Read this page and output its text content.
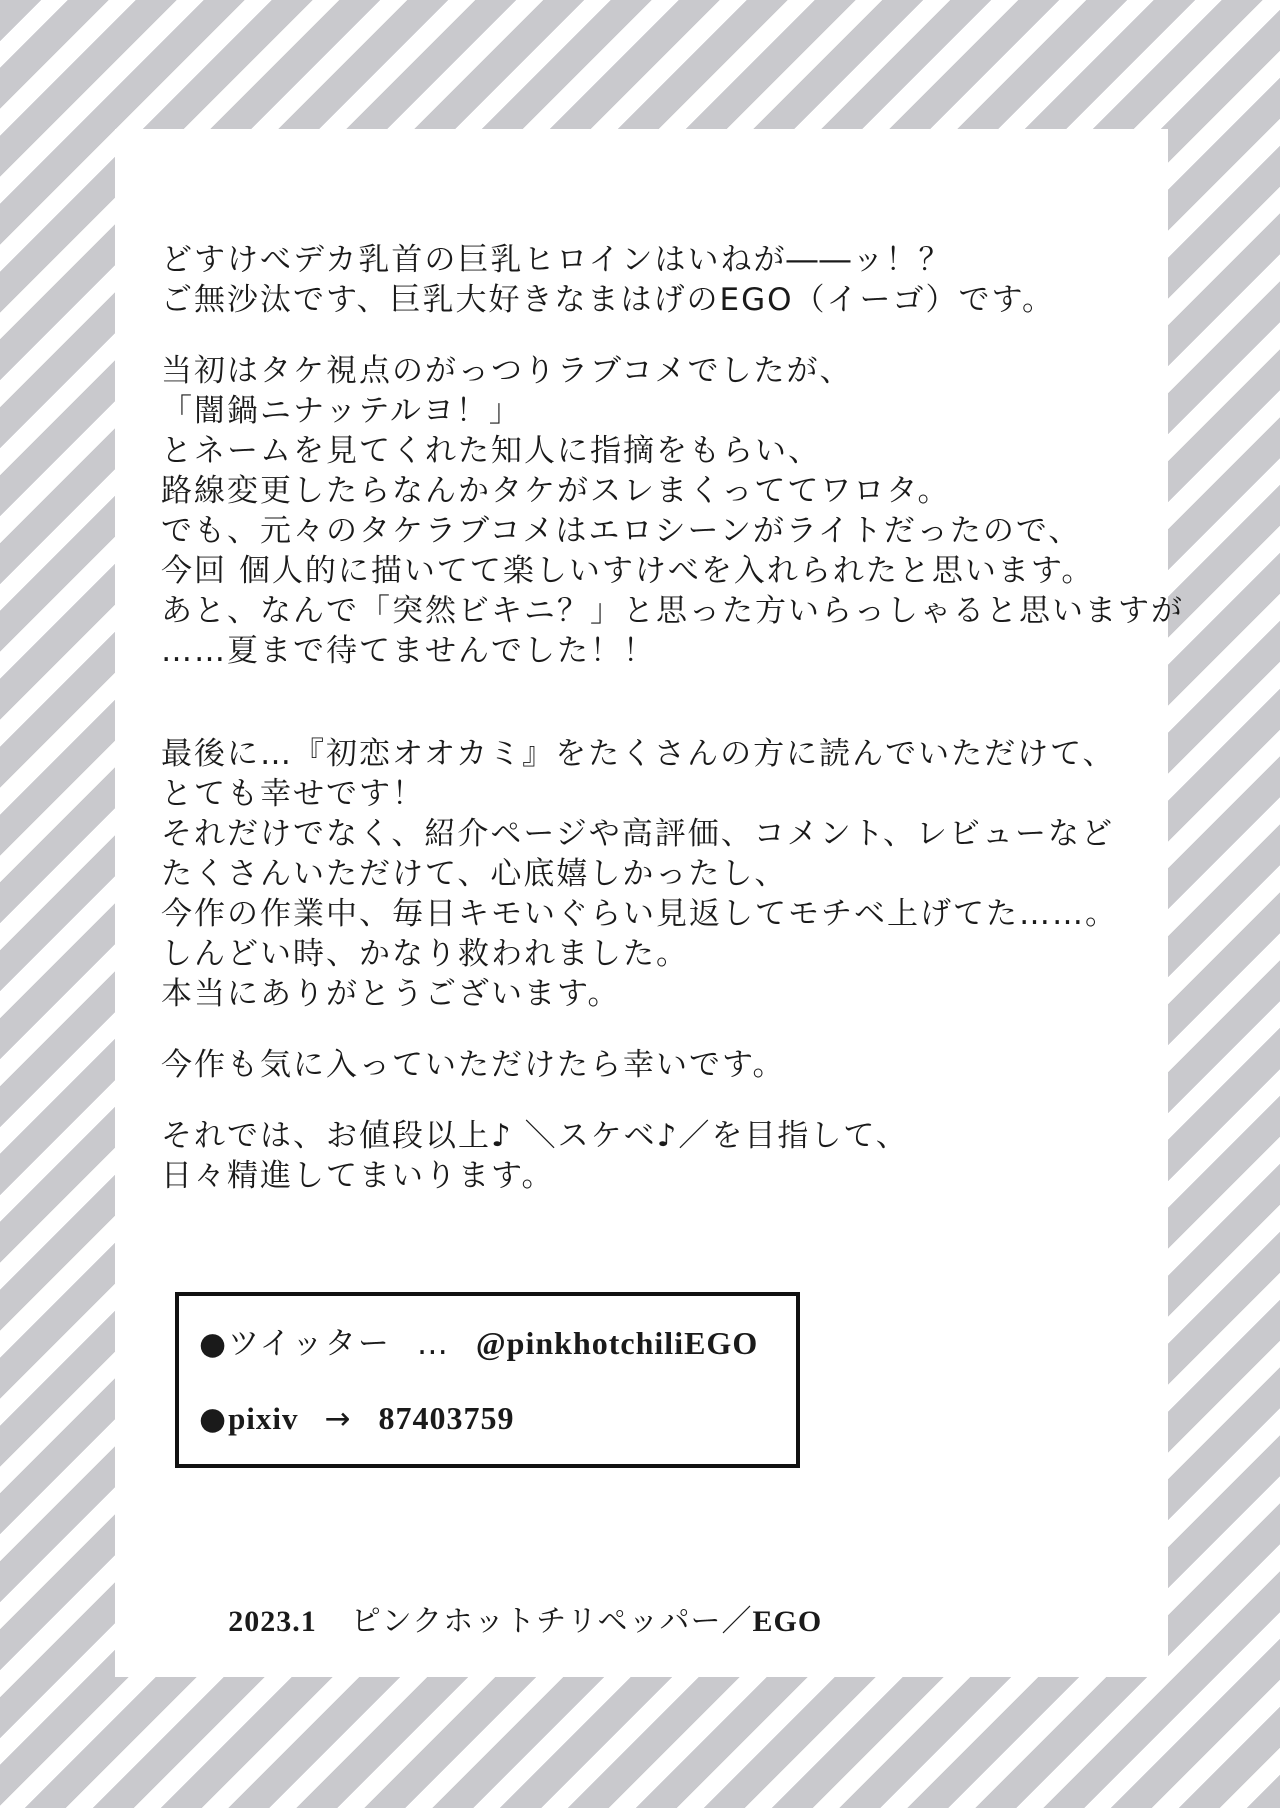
どすけべデカ乳首の巨乳ヒロインはいねが――ッ！？
ご無沙汰です、巨乳大好きなまはげのEGO（イーゴ）です。
当初はタケ視点のがっつりラブコメでしたが、
「闇鍋ニナッテルヨ！」
とネームを見てくれた知人に指摘をもらい、
路線変更したらなんかタケがスレまくっててワロタ。
でも、元々のタケラブコメはエロシーンがライトだったので、
今回 個人的に描いてて楽しいすけべを入れられたと思います。
あと、なんで「突然ビキニ？」と思った方いらっしゃると思いますが
……夏まで待てませんでした！！
最後に…『初恋オオカミ』をたくさんの方に読んでいただけて、
とても幸せです！
それだけでなく、紹介ページや高評価、コメント、レビューなど
たくさんいただけて、心底嬉しかったし、
今作の作業中、毎日キモいぐらい見返してモチベ上げてた……。
しんどい時、かなり救われました。
本当にありがとうございます。
今作も気に入っていただけたら幸いです。
それでは、お値段以上♪ ＼スケベ♪／を目指して、
日々精進してまいります。
● ツイッター … @pinkhotchiliEGO
● pixiv → 87403759

2023.1 ピンクホットチリペッパー／EGO
